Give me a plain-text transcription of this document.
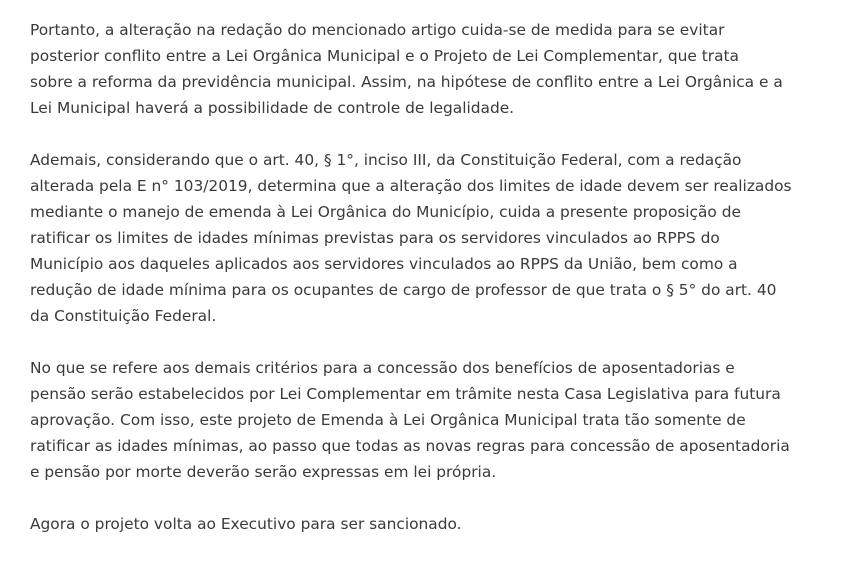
Portanto, a alteração na redação do mencionado artigo cuida-se de medida para se evitar
posterior conflito entre a Lei Orgânica Municipal e o Projeto de Lei Complementar, que trata
sobre a reforma da previdência municipal. Assim, na hipótese de conflito entre a Lei Orgânica e a
Lei Municipal haverá a possibilidade de controle de legalidade.

Ademais, considerando que o art. 40, § 1°, inciso III, da Constituição Federal, com a redação
alterada pela E n° 103/2019, determina que a alteração dos limites de idade devem ser realizados
mediante o manejo de emenda à Lei Orgânica do Município, cuida a presente proposição de
ratificar os limites de idades mínimas previstas para os servidores vinculados ao RPPS do
Município aos daqueles aplicados aos servidores vinculados ao RPPS da União, bem como a
redução de idade mínima para os ocupantes de cargo de professor de que trata o § 5° do art. 40
da Constituição Federal.

No que se refere aos demais critérios para a concessão dos benefícios de aposentadorias e
pensão serão estabelecidos por Lei Complementar em trâmite nesta Casa Legislativa para futura
aprovação. Com isso, este projeto de Emenda à Lei Orgânica Municipal trata tão somente de
ratificar as idades mínimas, ao passo que todas as novas regras para concessão de aposentadoria
e pensão por morte deverão serão expressas em lei própria.

Agora o projeto volta ao Executivo para ser sancionado.
